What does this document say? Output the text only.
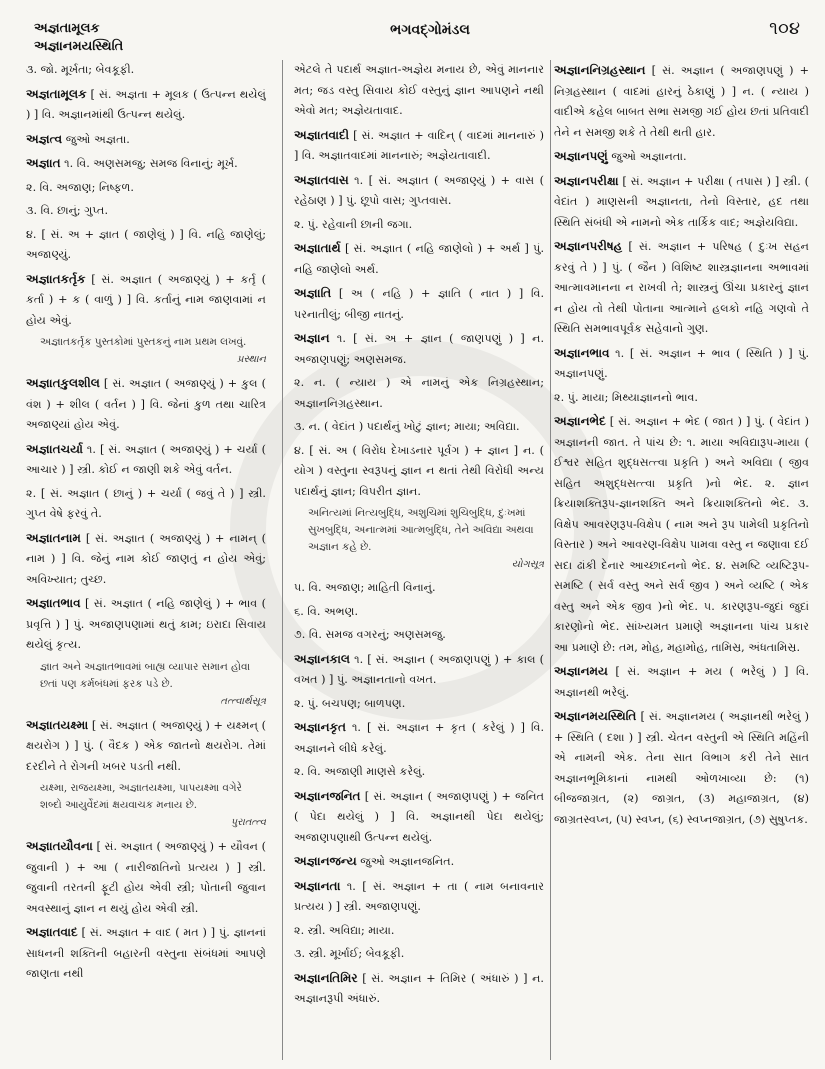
અજ્ઞતામૂલક
અજ્ઞાનમયસ્થિતિ
ભગવદ્ગોમંડલ	૧૦૪
૩. જો. મૂર્ખતા; બેવકૂફી.
અજ્ઞતામૂલક [ સં. અજ્ઞતા + મૂલક ( ઉત્પન્ન થયેલું ) ] વિ. અજ્ઞાનમાંથી ઉત્પન્ન થયેલું.
અજ્ઞત્વ જુઓ અજ્ઞતા.
અજ્ઞાત ૧. વિ. અણસમજુ; સમજ વિનાનું; મૂર્ખ.
૨. વિ. અજાણ; નિષ્ફળ.
૩. વિ. છાનું; ગુપ્ત.
૪. [ સં. અ + જ્ઞાત ( જાણેલું ) ] વિ. નહિ જાણેલું; અજાણ્યું.
અજ્ઞાતકર્તૃક [ સં. અજ્ઞાત ( અજાણ્યું ) + કર્તૃ ( કર્તા ) + ક ( વાળું ) ] વિ. કર્તાનું નામ જાણવામાં ન હોય એવું.
અજ્ઞાતકર્તૃક પુસ્તકોમાં પુસ્તકનું નામ પ્રથમ લખવું.
પ્રસ્થાન
અજ્ઞાતકુલશીલ [ સં. અજ્ઞાત ( અજાણ્યું ) + કુલ ( વંશ ) + શીલ ( વર્તન ) ] વિ. જેનાં કુળ તથા ચારિત્ર અજાણ્યાં હોય એવું.
અજ્ઞાતચર્યા ૧. [ સં. અજ્ઞાત ( અજાણ્યું ) + ચર્યા ( આચાર ) ] સ્ત્રી. કોઈ ન જાણી શકે એવું વર્તન.
૨. [ સં. અજ્ઞાત ( છાનું ) + ચર્યા ( જવું તે ) ] સ્ત્રી. ગુપ્ત વેષે ફરવું તે.
અજ્ઞાતનામ [ સં. અજ્ઞાત ( અજાણ્યું ) + નામન્ ( નામ ) ] વિ. જેનું નામ કોઈ જાણતું ન હોય એવું; અવિખ્યાત; તુચ્છ.
અજ્ઞાતભાવ [ સં. અજ્ઞાત ( નહિ જાણેલું ) + ભાવ ( પ્રવૃત્તિ ) ] પું. અજાણપણામાં થતું કામ; ઇરાદા સિવાય થયેલું કૃત્ય.
જ્ઞાત અને અજ્ઞાતભાવમાં બાહ્ય વ્યાપાર સમાન હોવા છતાં પણ કર્મબંધમાં ફરક પડે છે.
તત્ત્વાર્થસૂત્ર
અજ્ઞાતયક્ષ્મા [ સં. અજ્ઞાત ( અજાણ્યું ) + યક્ષ્મન્ ( ક્ષયરોગ ) ] પું. ( વૈદક ) એક જાતનો ક્ષયરોગ. તેમાં દરદીને તે રોગની ખબર પડતી નથી.
યક્ષ્મા, રાજયક્ષ્મા, અજ્ઞાતયક્ષ્મા, પાપયક્ષ્મા વગેરે શબ્દો આયુર્વેદમાં ક્ષયવાચક મનાય છે.
પુરાતત્ત્વ
અજ્ઞાતયૌવના [ સં. અજ્ઞાત ( અજાણ્યું ) + યૌવન ( જુવાની ) + આ ( નારીજાતિનો પ્રત્યય ) ] સ્ત્રી. જુવાની તરતની ફૂટી હોય એવી સ્ત્રી; પોતાની જુવાન અવસ્થાનું જ્ઞાન ન થયું હોય એવી સ્ત્રી.
અજ્ઞાતવાદ [ સં. અજ્ઞાત + વાદ ( મત ) ] પું. જ્ઞાનનાં સાધનની શક્તિની બહારની વસ્તુના સંબંધમાં આપણે જાણતા નથી
એટલે તે પદાર્થ અજ્ઞાત-અજ્ઞેય મનાય છે, એવું માનનાર મત; જડ વસ્તુ સિવાય કોઈ વસ્તુનું જ્ઞાન આપણને નથી એવો મત; અજ્ઞેયતાવાદ.
અજ્ઞાતવાદી [ સં. અજ્ઞાત + વાદિન્ ( વાદમાં માનનારું ) ] વિ. અજ્ઞાતવાદમાં માનનારું; અજ્ઞેયતાવાદી.
અજ્ઞાતવાસ ૧. [ સં. અજ્ઞાત ( અજાણ્યું ) + વાસ ( રહેઠાણ ) ] પું. છૂપો વાસ; ગુપ્તવાસ.
૨. પું. રહેવાની છાની જગા.
અજ્ઞાતાર્થ [ સં. અજ્ઞાત ( નહિ જાણેલો ) + અર્થ ] પું. નહિ જાણેલો અર્થ.
અજ્ઞાતિ [ અ ( નહિ ) + જ્ઞાતિ ( નાત ) ] વિ. પરનાતીલું; બીજી નાતનું.
અજ્ઞાન ૧. [ સં. અ + જ્ઞાન ( જાણપણું ) ] ન. અજાણપણું; અણસમજ.
૨. ન. ( ન્યાય ) એ નામનું એક નિગ્રહસ્થાન; અજ્ઞાનનિગ્રહસ્થાન.
૩. ન. ( વેદાંત ) પદાર્થનું ખોટું જ્ઞાન; માયા; અવિદ્યા.
૪. [ સં. અ ( વિરોધ દેખાડનાર પૂર્વગ ) + જ્ઞાન ] ન. ( યોગ ) વસ્તુના સ્વરૂપનું જ્ઞાન ન થતાં તેથી વિરોધી અન્ય પદાર્થનું જ્ઞાન; વિપરીત જ્ઞાન.
અનિત્યમાં નિત્યબુદ્ધિ, અશુચિમાં શુચિબુદ્ધિ, દુઃખમાં સુખબુદ્ધિ, અનાત્મમાં આત્મબુદ્ધિ, તેને અવિદ્યા અથવા અજ્ઞાન કહે છે.
યોગસૂત્ર
૫. વિ. અજાણ; માહિતી વિનાનું.
૬. વિ. અભણ.
૭. વિ. સમજ વગરનું; અણસમજુ.
અજ્ઞાનકાલ ૧. [ સં. અજ્ઞાન ( અજાણપણું ) + કાલ ( વખત ) ] પું. અજ્ઞાનતાનો વખત.
૨. પું. બચપણ; બાળપણ.
અજ્ઞાનકૃત ૧. [ સં. અજ્ઞાન + કૃત ( કરેલું ) ] વિ. અજ્ઞાનને લીધે કરેલું.
૨. વિ. અજાણી માણસે કરેલું.
અજ્ઞાનજનિત [ સં. અજ્ઞાન ( અજાણપણું ) + જનિત ( પેદા થયેલું ) ] વિ. અજ્ઞાનથી પેદા થયેલું; અજાણપણાથી ઉત્પન્ન થયેલું.
અજ્ઞાનજન્ય જુઓ અજ્ઞાનજનિત.
અજ્ઞાનતા ૧. [ સં. અજ્ઞાન + તા ( નામ બનાવનાર પ્રત્યય ) ] સ્ત્રી. અજાણપણું.
૨. સ્ત્રી. અવિદ્યા; માયા.
૩. સ્ત્રી. મૂર્ખાઈ; બેવકૂફી.
અજ્ઞાનતિમિર [ સં. અજ્ઞાન + તિમિર ( અંધારું ) ] ન. અજ્ઞાનરૂપી અંધારું.
અજ્ઞાનનિગ્રહસ્થાન [ સં. અજ્ઞાન ( અજાણપણું ) + નિગ્રહસ્થાન ( વાદમાં હારનું ઠેકાણું ) ] ન. ( ન્યાય ) વાદીએ કહેલ બાબત સભા સમજી ગઈ હોય છતાં પ્રતિવાદી તેને ન સમજી શકે તે તેથી થતી હાર.
અજ્ઞાનપણું જુઓ અજ્ઞાનતા.
અજ્ઞાનપરીક્ષા [ સં. અજ્ઞાન + પરીક્ષા ( તપાસ ) ] સ્ત્રી. ( વેદાંત ) માણસની અજ્ઞાનતા, તેનો વિસ્તાર, હદ તથા સ્થિતિ સંબંધી એ નામનો એક તાર્કિક વાદ; અજ્ઞેયવિદ્યા.
અજ્ઞાનપરીષહ [ સં. અજ્ઞાન + પરિષહ ( દુઃખ સહન કરવું તે ) ] પું. ( જૈન ) વિશિષ્ટ શાસ્ત્રજ્ઞાનના અભાવમાં આત્માવમાનના ન રાખવી તે; શાસ્ત્રનું ઊંચા પ્રકારનું જ્ઞાન ન હોય તો તેથી પોતાના આત્માને હલકો નહિ ગણવો તે સ્થિતિ સમભાવપૂર્વક સહેવાનો ગુણ.
અજ્ઞાનભાવ ૧. [ સં. અજ્ઞાન + ભાવ ( સ્થિતિ ) ] પું. અજ્ઞાનપણું.
૨. પું. માયા; મિથ્યાજ્ઞાનનો ભાવ.
અજ્ઞાનભેદ [ સં. અજ્ઞાન + ભેદ ( જાત ) ] પું. ( વેદાંત ) અજ્ઞાનની જાત. તે પાંચ છે: ૧. માયા અવિદ્યારૂપ-માયા ( ઈશ્વર સહિત શુદ્ધસત્ત્વા પ્રકૃતિ ) અને અવિદ્યા ( જીવ સહિત અશુદ્ધસત્ત્વા પ્રકૃતિ )નો ભેદ. ૨. જ્ઞાન ક્રિયાશક્તિરૂપ-જ્ઞાનશક્તિ અને ક્રિયાશક્તિનો ભેદ. ૩. વિક્ષેપ આવરણરૂપ-વિક્ષેપ ( નામ અને રૂપ પામેલી પ્રકૃતિનો વિસ્તાર ) અને આવરણ-વિક્ષેપ પામવા વસ્તુ ન જણાવા દઈ સદા ઢાંકી દેનાર આચ્છાદનનો ભેદ. ૪. સમષ્ટિ વ્યષ્ટિરૂપ-સમષ્ટિ ( સર્વ વસ્તુ અને સર્વ જીવ ) અને વ્યષ્ટિ ( એક વસ્તુ અને એક જીવ )નો ભેદ. ૫. કારણરૂપ-જુદાં જુદાં કારણોનો ભેદ. સાંખ્યમત પ્રમાણે અજ્ઞાનના પાંચ પ્રકાર આ પ્રમાણે છે: તમ, મોહ, મહામોહ, તામિસ્ર, અંધતામિસ્ર.
અજ્ઞાનમય [ સં. અજ્ઞાન + મય ( ભરેલું ) ] વિ. અજ્ઞાનથી ભરેલું.
અજ્ઞાનમયસ્થિતિ [ સં. અજ્ઞાનમય ( અજ્ઞાનથી ભરેલું ) + સ્થિતિ ( દશા ) ] સ્ત્રી. ચેતન વસ્તુની એ સ્થિતિ મહિંની એ નામની એક. તેના સાત વિભાગ કરી તેને સાત અજ્ઞાનભૂમિકાનાં નામથી ઓળખાવ્યા છે: (૧) બીજજાગ્રત, (૨) જાગ્રત, (૩) મહાજાગ્રત, (૪) જાગ્રતસ્વપ્ન, (૫) સ્વપ્ન, (૬) સ્વપ્નજાગ્રત, (૭) સુષુપ્તક.
